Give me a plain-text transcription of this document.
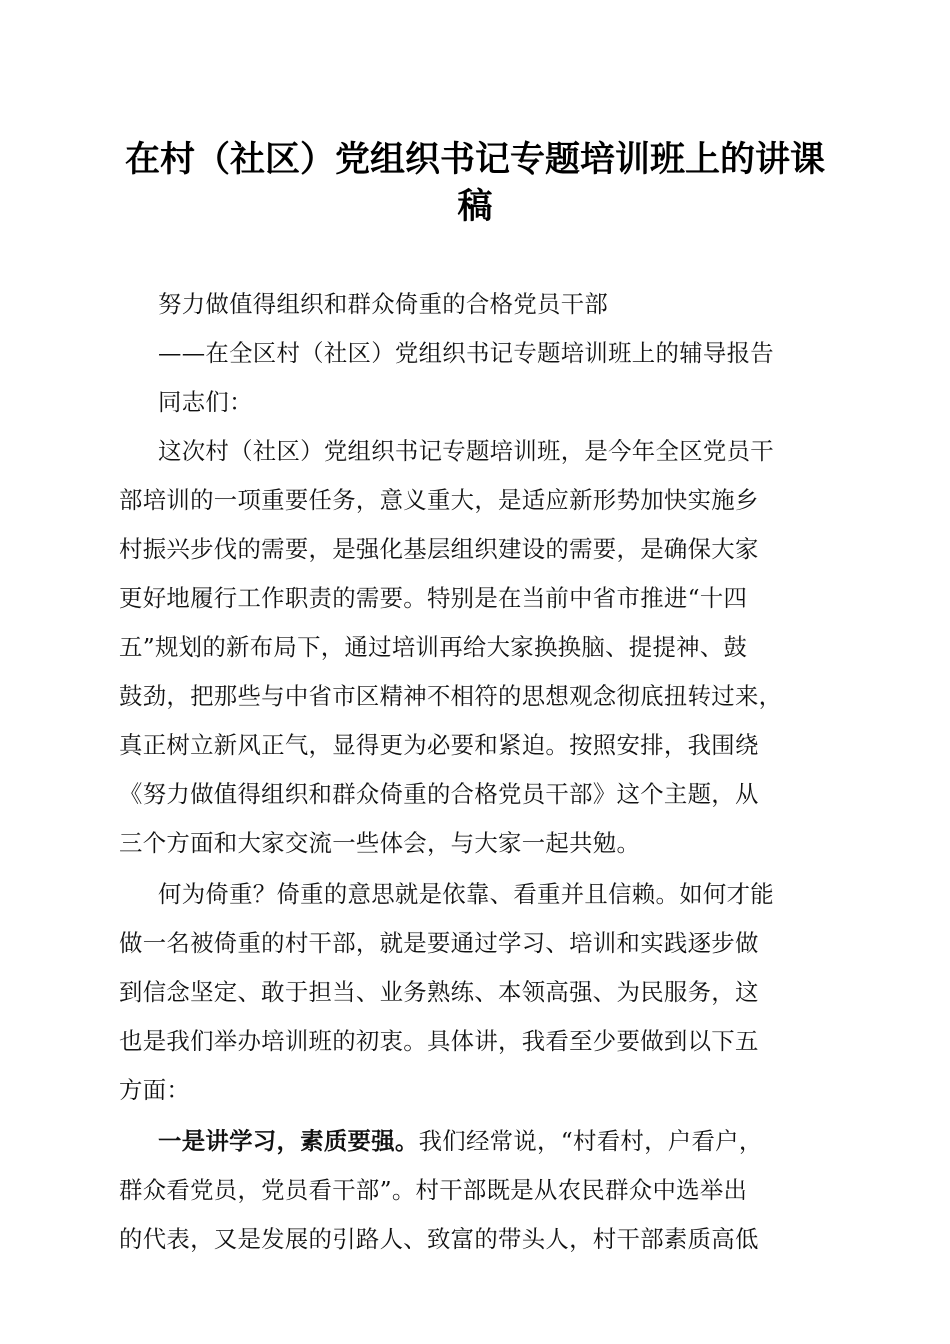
在村（社区）党组织书记专题培训班上的讲课
稿
努力做值得组织和群众倚重的合格党员干部
——在全区村（社区）党组织书记专题培训班上的辅导报告
同志们：
这次村（社区）党组织书记专题培训班，是今年全区党员干
部培训的一项重要任务，意义重大，是适应新形势加快实施乡
村振兴步伐的需要，是强化基层组织建设的需要，是确保大家
更好地履行工作职责的需要。特别是在当前中省市推进“十四
五”规划的新布局下，通过培训再给大家换换脑、提提神、鼓
鼓劲，把那些与中省市区精神不相符的思想观念彻底扭转过来，
真正树立新风正气，显得更为必要和紧迫。按照安排，我围绕
《努力做值得组织和群众倚重的合格党员干部》这个主题，从
三个方面和大家交流一些体会，与大家一起共勉。
何为倚重？倚重的意思就是依靠、看重并且信赖。如何才能
做一名被倚重的村干部，就是要通过学习、培训和实践逐步做
到信念坚定、敢于担当、业务熟练、本领高强、为民服务，这
也是我们举办培训班的初衷。具体讲，我看至少要做到以下五
方面：
一是讲学习，素质要强。我们经常说，“村看村，户看户，
群众看党员，党员看干部”。村干部既是从农民群众中选举出
的代表，又是发展的引路人、致富的带头人，村干部素质高低
